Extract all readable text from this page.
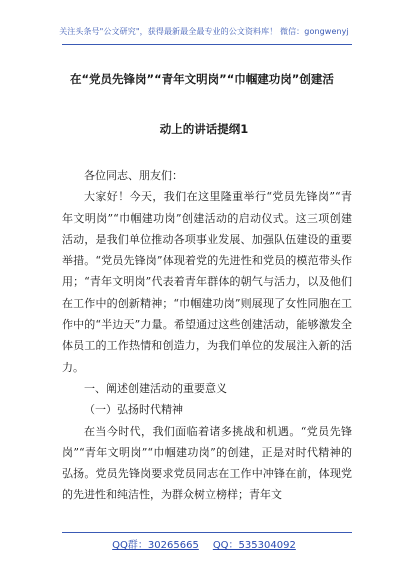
关注头条号"公文研究"，获得最新最全最专业的公文资料库！ 微信：gongwenyj
在“党员先锋岗”“青年文明岗”“巾帼建功岗”创建活
动上的讲话提纲1

各位同志、朋友们：

大家好！今天，我们在这里隆重举行“党员先锋岗”“青年文明岗”“巾帼建功岗”创建活动的启动仪式。这三项创建活动，是我们单位推动各项事业发展、加强队伍建设的重要举措。“党员先锋岗”体现着党的先进性和党员的模范带头作用；“青年文明岗”代表着青年群体的朝气与活力，以及他们在工作中的创新精神；“巾帼建功岗”则展现了女性同胞在工作中的“半边天”力量。希望通过这些创建活动，能够激发全体员工的工作热情和创造力，为我们单位的发展注入新的活力。

一、阐述创建活动的重要意义

（一）弘扬时代精神

在当今时代，我们面临着诸多挑战和机遇。“党员先锋岗”“青年文明岗”“巾帼建功岗”的创建，正是对时代精神的弘扬。党员先锋岗要求党员同志在工作中冲锋在前，体现党的先进性和纯洁性，为群众树立榜样；青年文

QQ群：30265665 QQ：535304092
